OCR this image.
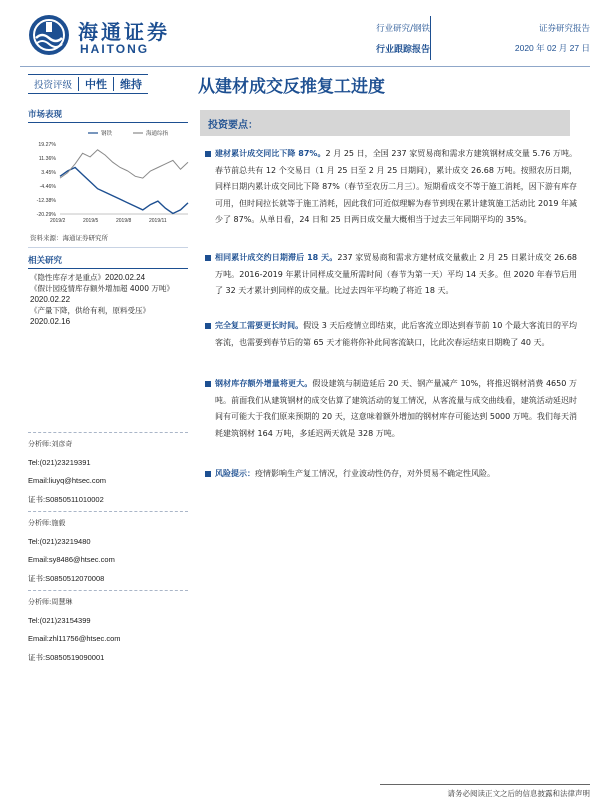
海通证券
HAITONG
行业研究/钢铁
行业跟踪报告
证券研究报告
2020 年 02 月 27 日
投资评级	中性	维持	从建材成交反推复工进度
市场表现
钢铁	海通综指
19.27%
11.36%
3.45%
-4.46%
-12.38%
-20.29%
2019/2	2019/5	2019/8	2019/11
资料来源：海通证券研究所
相关研究
《隐性库存才是重点》2020.02.24
《假计园疫情库存额外增加超 4000 万吨》2020.02.22
《产量下降，供给有利，原料受压》
2020.02.16
分析师:刘彦奇
Tel:(021)23219391
Email:liuyq@htsec.com
证书:S0850511010002
分析师:施毅
Tel:(021)23219480
Email:sy8486@htsec.com
证书:S0850512070008
分析师:周慧琳
Tel:(021)23154399
Email:zhl11756@htsec.com
证书:S0850519090001
投资要点：
建材累计成交同比下降 87%。2 月 25 日，全国 237 家贸易商和需求方建筑钢材成交量 5.76 万吨。春节前总共有 12 个交易日（1 月 25 日至 2 月 25 日期间），累计成交 26.68 万吨。按照农历日期，同样日期内累计成交同比下降 87%（春节至农历二月三）。短期看成交不等于施工消耗，因下游有库存可用，但时间拉长就等于施工消耗，因此我们可近似理解为春节到现在累计建筑施工活动比 2019 年减少了 87%。从单日看，24 日和 25 日两日成交量大概相当于过去三年同期平均的 35%。
相同累计成交约日期滞后 18 天。237 家贸易商和需求方建材成交量截止 2 月 25 日累计成交 26.68 万吨。2016-2019 年累计同样成交量所需时间（春节为第一天）平均 14 天多。但 2020 年春节后用了 32 天才累计到同样的成交量。比过去四年平均晚了将近 18 天。
完全复工需要更长时间。假设 3 天后疫情立即结束，此后客流立即达到春节前 10 个最大客流日的平均客流，也需要到春节后的第 65 天才能将你补此间客流缺口，比此次春运结束日期晚了 40 天。
钢材库存额外增量将更大。假设建筑与制造延后 20 天、钢产量减产 10%，将推迟钢材消费 4650 万吨。前面我们从建筑钢材的成交估算了建筑活动的复工情况，从客流量与成交曲线看，建筑活动延迟时间有可能大于我们原来预期的 20 天，这意味着额外增加的钢材库存可能达到 5000 万吨。我们每天消耗建筑钢材 164 万吨，多延迟两天就是 328 万吨。
风险提示：疫情影响生产复工情况，行业波动性仍存，对外贸易不确定性风险。
请务必阅读正文之后的信息披露和法律声明
